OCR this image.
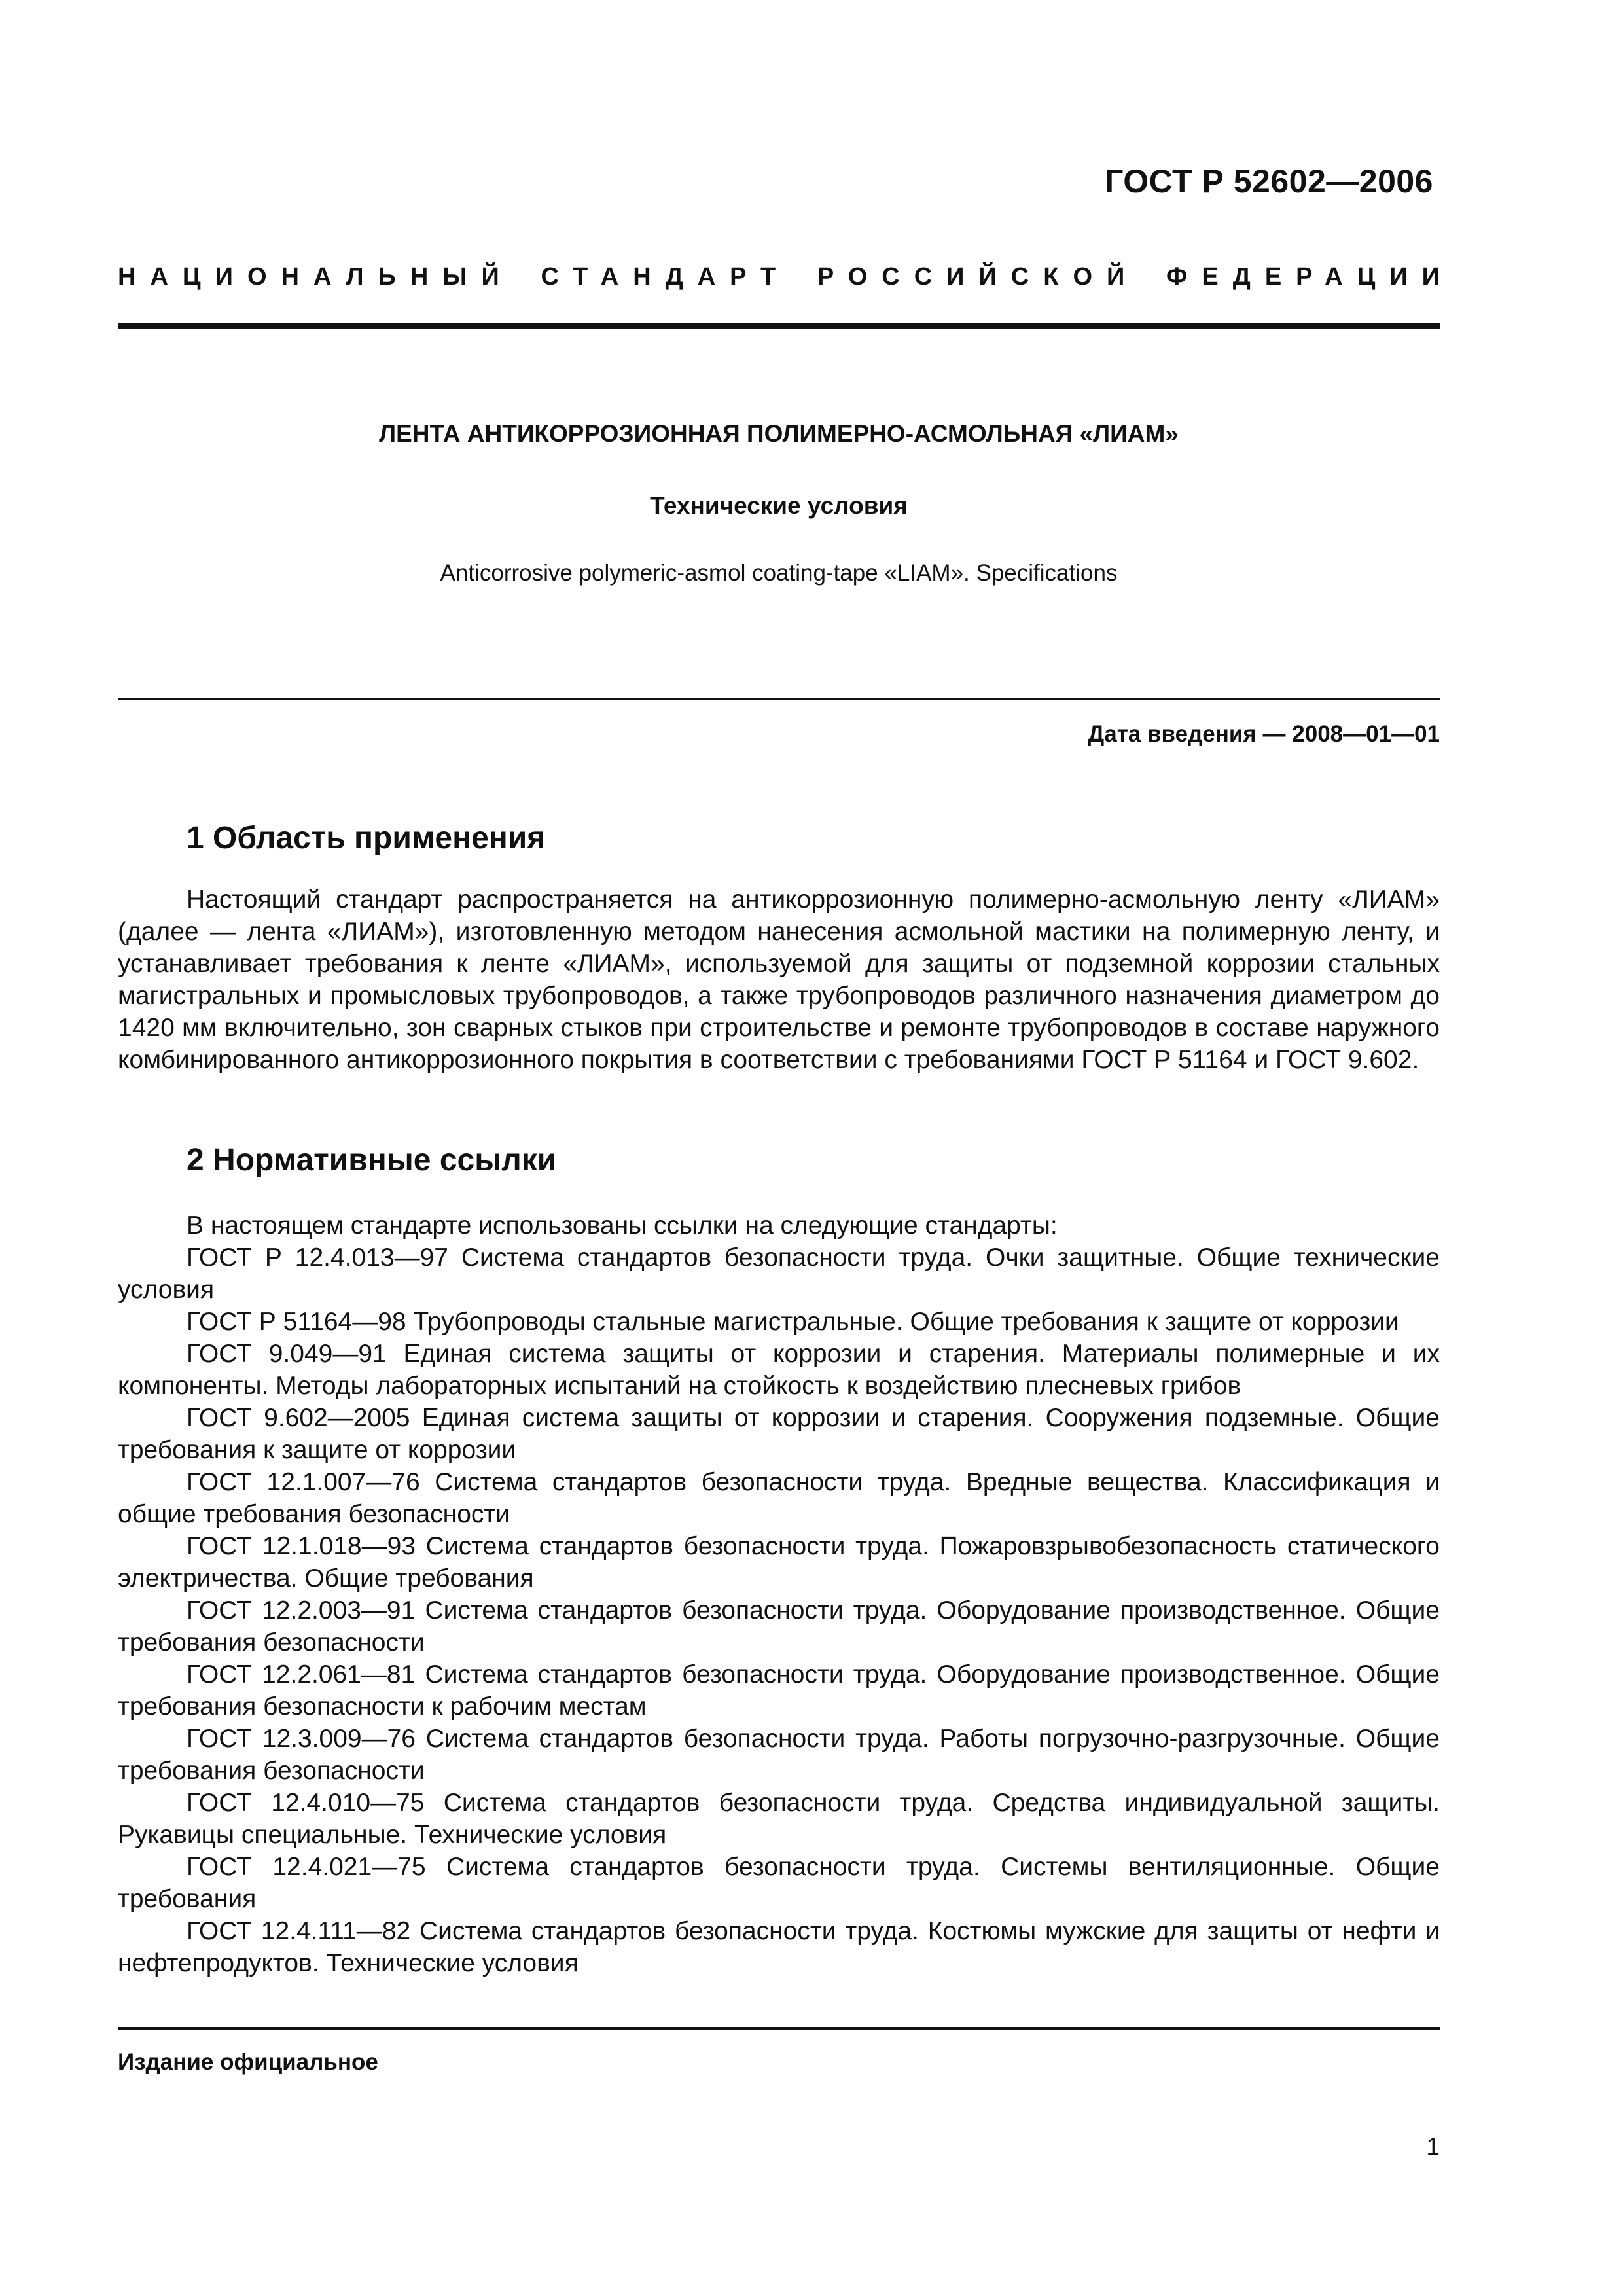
ГОСТ Р 52602—2006
НАЦИОНАЛЬНЫЙ СТАНДАРТ РОССИЙСКОЙ ФЕДЕРАЦИИ
ЛЕНТА АНТИКОРРОЗИОННАЯ ПОЛИМЕРНО-АСМОЛЬНАЯ «ЛИАМ»
Технические условия

Anticorrosive polymeric-asmol coating-tape «LIAM». Specifications

Дата введения — 2008—01—01

1 Область применения

Настоящий стандарт распространяется на антикоррозионную полимерно-асмольную ленту «ЛИАМ» (далее — лента «ЛИАМ»), изготовленную методом нанесения асмольной мастики на полимерную ленту, и устанавливает требования к ленте «ЛИАМ», используемой для защиты от подземной коррозии стальных магистральных и промысловых трубопроводов, а также трубопроводов различного назначения диаметром до 1420 мм включительно, зон сварных стыков при строительстве и ремонте трубопроводов в составе наружного комбинированного антикоррозионного покрытия в соответствии с требованиями ГОСТ Р 51164 и ГОСТ 9.602.

2 Нормативные ссылки

В настоящем стандарте использованы ссылки на следующие стандарты:

ГОСТ Р 12.4.013—97 Система стандартов безопасности труда. Очки защитные. Общие технические условия

ГОСТ Р 51164—98 Трубопроводы стальные магистральные. Общие требования к защите от коррозии

ГОСТ 9.049—91 Единая система защиты от коррозии и старения. Материалы полимерные и их компоненты. Методы лабораторных испытаний на стойкость к воздействию плесневых грибов

ГОСТ 9.602—2005 Единая система защиты от коррозии и старения. Сооружения подземные. Общие требования к защите от коррозии

ГОСТ 12.1.007—76 Система стандартов безопасности труда. Вредные вещества. Классификация и общие требования безопасности

ГОСТ 12.1.018—93 Система стандартов безопасности труда. Пожаровзрывобезопасность статического электричества. Общие требования

ГОСТ 12.2.003—91 Система стандартов безопасности труда. Оборудование производственное. Общие требования безопасности

ГОСТ 12.2.061—81 Система стандартов безопасности труда. Оборудование производственное. Общие требования безопасности к рабочим местам

ГОСТ 12.3.009—76 Система стандартов безопасности труда. Работы погрузочно-разгрузочные. Общие требования безопасности

ГОСТ 12.4.010—75 Система стандартов безопасности труда. Средства индивидуальной защиты. Рукавицы специальные. Технические условия

ГОСТ 12.4.021—75 Система стандартов безопасности труда. Системы вентиляционные. Общие требования

ГОСТ 12.4.111—82 Система стандартов безопасности труда. Костюмы мужские для защиты от нефти и нефтепродуктов. Технические условия

Издание официальное

1
